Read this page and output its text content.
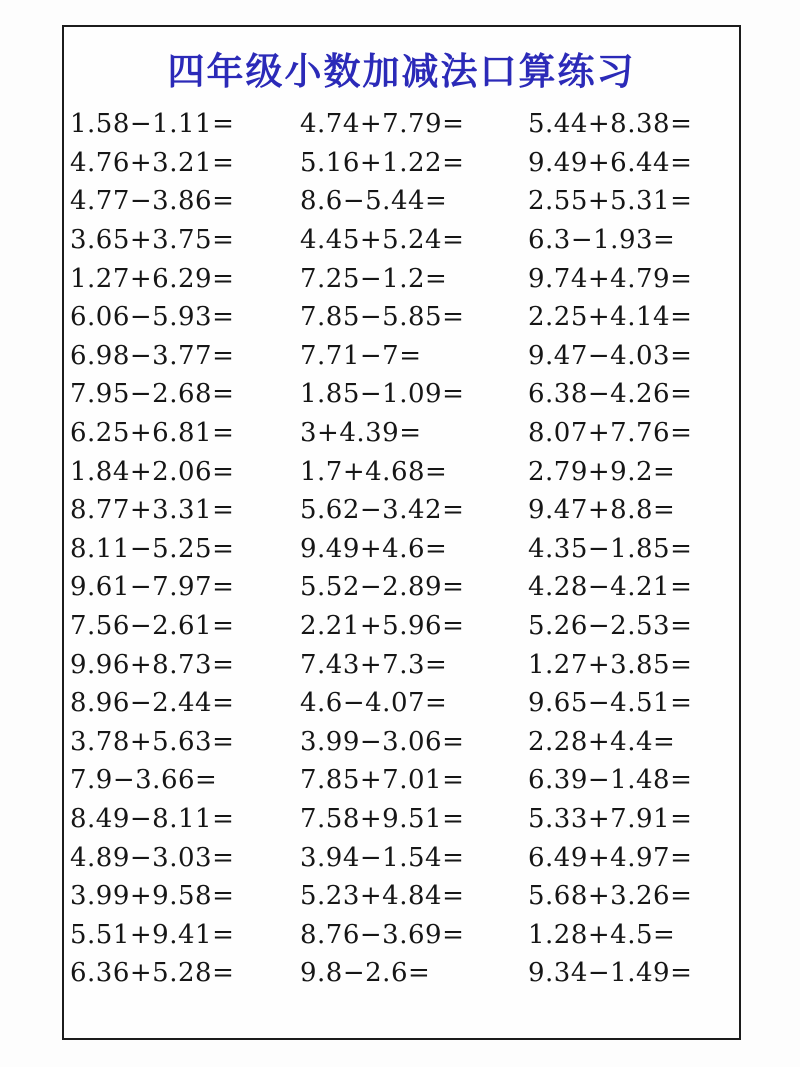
四年级小数加减法口算练习
1.58−1.11=	4.74+7.79=	5.44+8.38=
4.76+3.21=	5.16+1.22=	9.49+6.44=
4.77−3.86=	8.6−5.44=	2.55+5.31=
3.65+3.75=	4.45+5.24=	6.3−1.93=
1.27+6.29=	7.25−1.2=	9.74+4.79=
6.06−5.93=	7.85−5.85=	2.25+4.14=
6.98−3.77=	7.71−7=	9.47−4.03=
7.95−2.68=	1.85−1.09=	6.38−4.26=
6.25+6.81=	3+4.39=	8.07+7.76=
1.84+2.06=	1.7+4.68=	2.79+9.2=
8.77+3.31=	5.62−3.42=	9.47+8.8=
8.11−5.25=	9.49+4.6=	4.35−1.85=
9.61−7.97=	5.52−2.89=	4.28−4.21=
7.56−2.61=	2.21+5.96=	5.26−2.53=
9.96+8.73=	7.43+7.3=	1.27+3.85=
8.96−2.44=	4.6−4.07=	9.65−4.51=
3.78+5.63=	3.99−3.06=	2.28+4.4=
7.9−3.66=	7.85+7.01=	6.39−1.48=
8.49−8.11=	7.58+9.51=	5.33+7.91=
4.89−3.03=	3.94−1.54=	6.49+4.97=
3.99+9.58=	5.23+4.84=	5.68+3.26=
5.51+9.41=	8.76−3.69=	1.28+4.5=
6.36+5.28=	9.8−2.6=	9.34−1.49=
